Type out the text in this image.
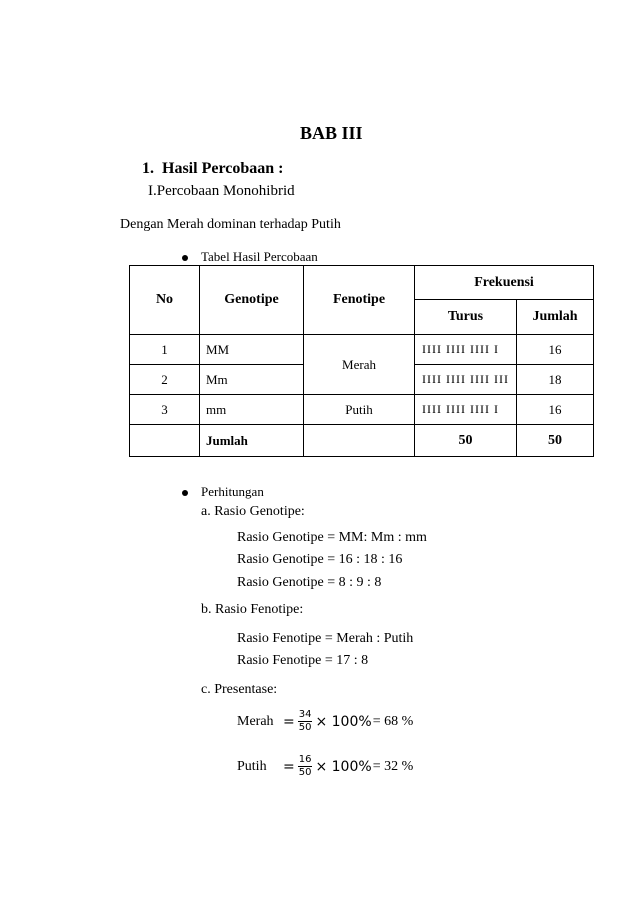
BAB III
1. Hasil Percobaan :
I.Percobaan Monohibrid
Dengan Merah dominan terhadap Putih
Tabel Hasil Percobaan
No	Genotipe	Fenotipe	Frekuensi	
			Turus	Jumlah
1	MM	Merah	IIII IIII IIII I	16
2	Mm		IIII IIII IIII III	18
3	mm	Putih	IIII IIII IIII I	16
	Jumlah		50	50
Perhitungan
a. Rasio Genotipe:
Rasio Genotipe = MM: Mm : mm
Rasio Genotipe = 16 : 18 : 16
Rasio Genotipe = 8 : 9 : 8
b. Rasio Fenotipe:
Rasio Fenotipe = Merah : Putih
Rasio Fenotipe = 17 : 8
c. Presentase:
Merah = $\frac{34}{50} \times 100\% = 68$ %
Putih	= $\frac{16}{50} \times 100\% = 32$ %
